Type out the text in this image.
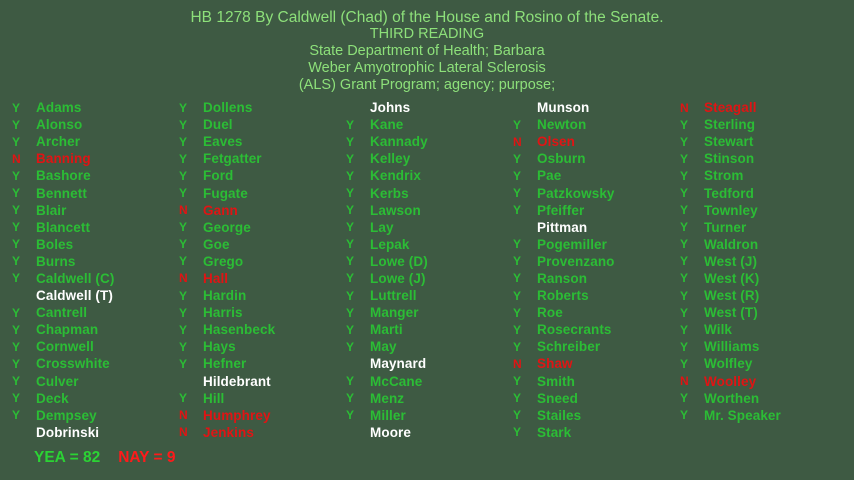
HB 1278 By Caldwell (Chad) of the House and Rosino of the Senate.
THIRD READING
State Department of Health; Barbara
Weber Amyotrophic Lateral Sclerosis
(ALS) Grant Program; agency; purpose;
Y	Adams
Y	Alonso
Y	Archer
N	Banning
Y	Bashore
Y	Bennett
Y	Blair
Y	Blancett
Y	Boles
Y	Burns
Y	Caldwell (C)
Caldwell (T)
Y	Cantrell
Y	Chapman
Y	Cornwell
Y	Crosswhite
Y	Culver
Y	Deck
Y	Dempsey
Dobrinski
Y	Dollens
Y	Duel
Y	Eaves
Y	Fetgatter
Y	Ford
Y	Fugate
N	Gann
Y	George
Y	Goe
Y	Grego
N	Hall
Y	Hardin
Y	Harris
Y	Hasenbeck
Y	Hays
Y	Hefner
Hildebrant
Y	Hill
N	Humphrey
N	Jenkins
Johns
Y	Kane
Y	Kannady
Y	Kelley
Y	Kendrix
Y	Kerbs
Y	Lawson
Y	Lay
Y	Lepak
Y	Lowe (D)
Y	Lowe (J)
Y	Luttrell
Y	Manger
Y	Marti
Y	May
Maynard
Y	McCane
Y	Menz
Y	Miller
Moore
Munson
Y	Newton
N	Olsen
Y	Osburn
Y	Pae
Y	Patzkowsky
Y	Pfeiffer
Pittman
Y	Pogemiller
Y	Provenzano
Y	Ranson
Y	Roberts
Y	Roe
Y	Rosecrants
Y	Schreiber
N	Shaw
Y	Smith
Y	Sneed
Y	Stailes
Y	Stark
N	Steagall
Y	Sterling
Y	Stewart
Y	Stinson
Y	Strom
Y	Tedford
Y	Townley
Y	Turner
Y	Waldron
Y	West (J)
Y	West (K)
Y	West (R)
Y	West (T)
Y	Wilk
Y	Williams
Y	Wolfley
N	Woolley
Y	Worthen
Y	Mr. Speaker
YEA = 82 NAY = 9
